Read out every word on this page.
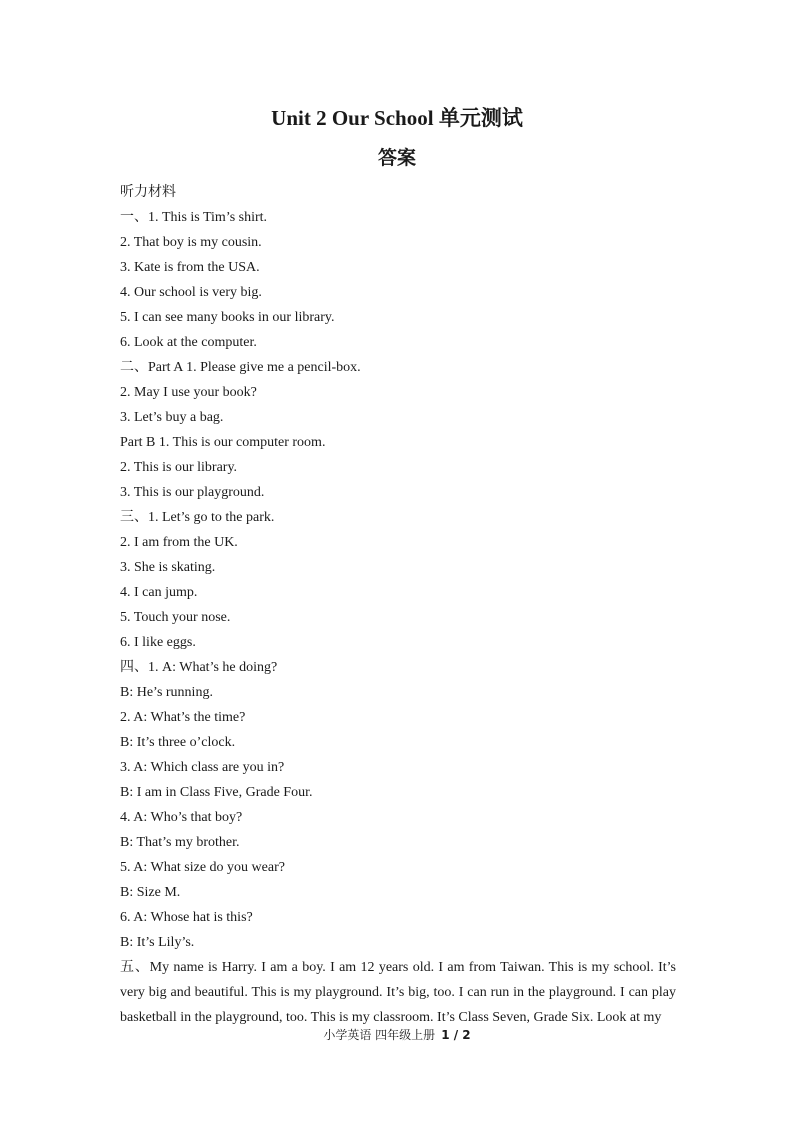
Unit 2 Our School 单元测试
答案
听力材料
一、1. This is Tim’s shirt.
2. That boy is my cousin.
3. Kate is from the USA.
4. Our school is very big.
5. I can see many books in our library.
6. Look at the computer.
二、Part A 1. Please give me a pencil-box.
2. May I use your book?
3. Let’s buy a bag.
Part B 1. This is our computer room.
2. This is our library.
3. This is our playground.
三、1. Let’s go to the park.
2. I am from the UK.
3. She is skating.
4. I can jump.
5. Touch your nose.
6. I like eggs.
四、1. A: What’s he doing?
B: He’s running.
2. A: What’s the time?
B: It’s three o’clock.
3. A: Which class are you in?
B: I am in Class Five, Grade Four.
4. A: Who’s that boy?
B: That’s my brother.
5. A: What size do you wear?
B: Size M.
6. A: Whose hat is this?
B: It’s Lily’s.
五、My name is Harry. I am a boy. I am 12 years old. I am from Taiwan. This is my school. It’s very big and beautiful. This is my playground. It’s big, too. I can run in the playground. I can play basketball in the playground, too. This is my classroom. It’s Class Seven, Grade Six. Look at my
小学英语 四年级上册 1 / 2
